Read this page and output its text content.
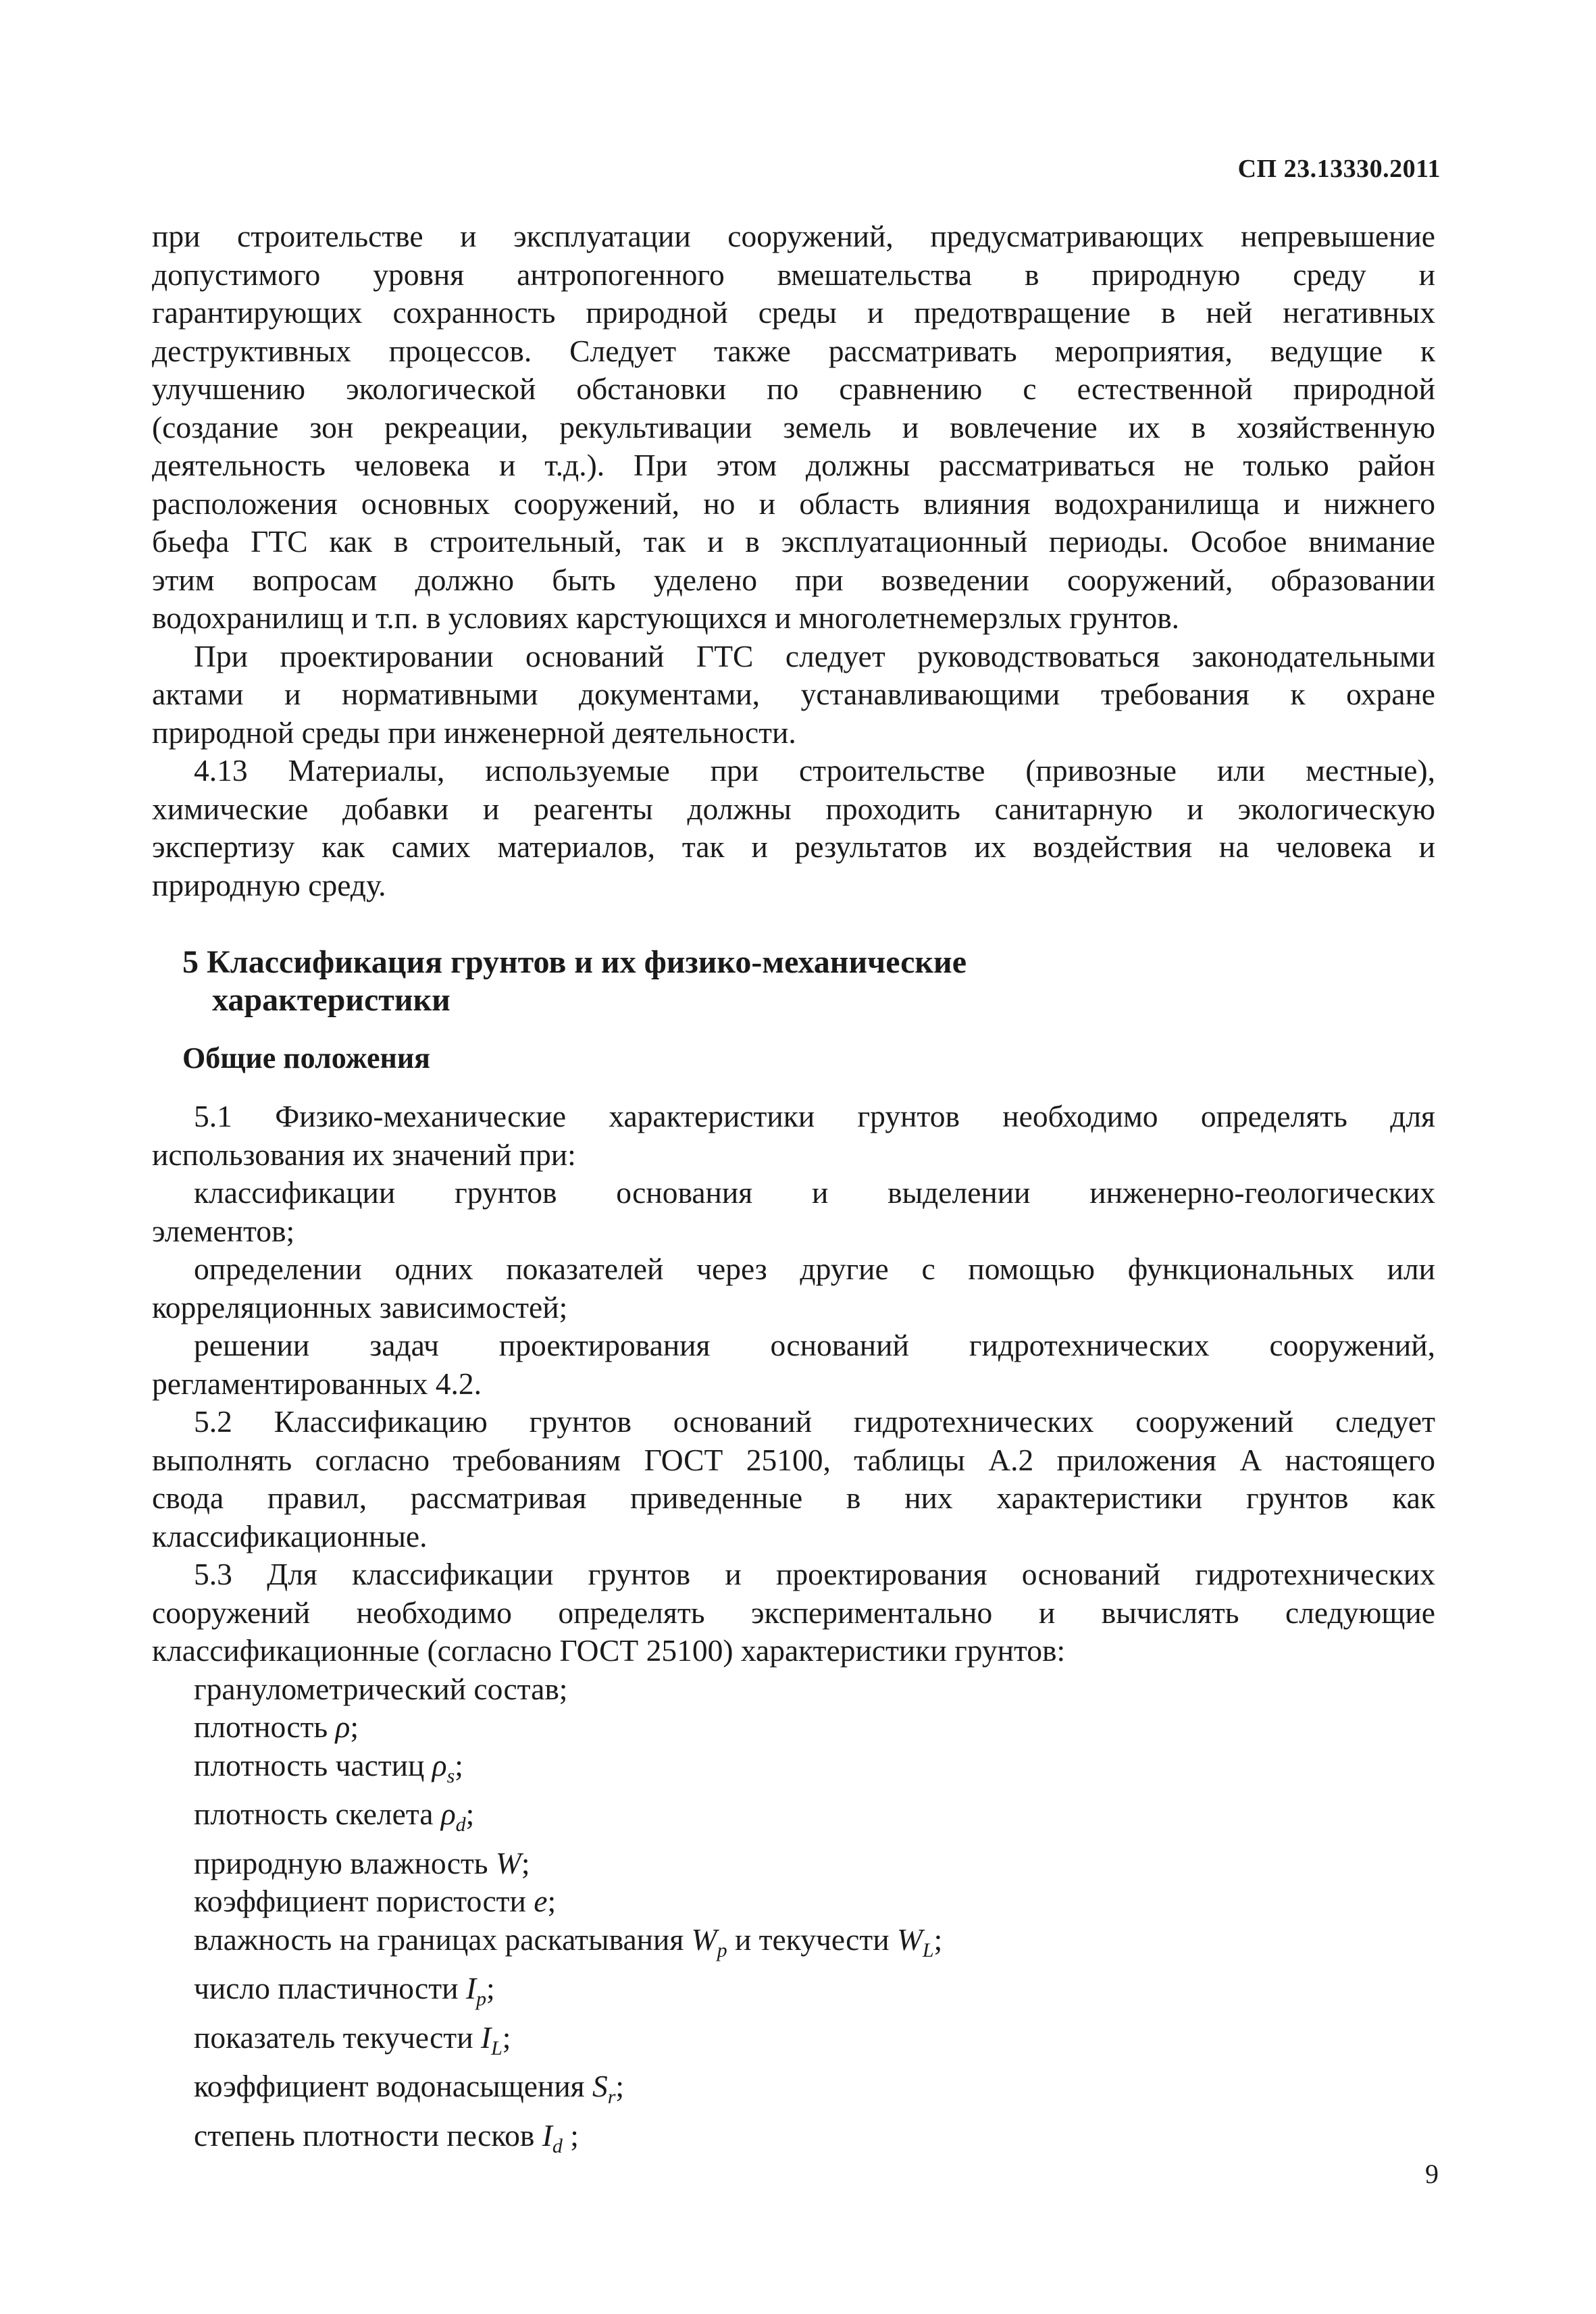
СП 23.13330.2011

при строительстве и эксплуатации сооружений, предусматривающих непревышение
допустимого уровня антропогенного вмешательства в природную среду и
гарантирующих сохранность природной среды и предотвращение в ней негативных
деструктивных процессов. Следует также рассматривать мероприятия, ведущие к
улучшению экологической обстановки по сравнению с естественной природной
(создание зон рекреации, рекультивации земель и вовлечение их в хозяйственную
деятельность человека и т.д.). При этом должны рассматриваться не только район
расположения основных сооружений, но и область влияния водохранилища и нижнего
бьефа ГТС как в строительный, так и в эксплуатационный периоды. Особое внимание
этим вопросам должно быть уделено при возведении сооружений, образовании
водохранилищ и т.п. в условиях карстующихся и многолетнемерзлых грунтов.

При проектировании оснований ГТС следует руководствоваться законодательными
актами и нормативными документами, устанавливающими требования к охране
природной среды при инженерной деятельности.

4.13 Материалы, используемые при строительстве (привозные или местные),
химические добавки и реагенты должны проходить санитарную и экологическую
экспертизу как самих материалов, так и результатов их воздействия на человека и
природную среду.

5 Классификация грунтов и их физико-механические
характеристики
Общие положения

5.1 Физико-механические характеристики грунтов необходимо определять для
использования их значений при:

классификации грунтов основания и выделении инженерно-геологических
элементов;

определении одних показателей через другие с помощью функциональных или
корреляционных зависимостей;

решении задач проектирования оснований гидротехнических сооружений,
регламентированных 4.2.

5.2 Классификацию грунтов оснований гидротехнических сооружений следует
выполнять согласно требованиям ГОСТ 25100, таблицы А.2 приложения А настоящего
свода правил, рассматривая приведенные в них характеристики грунтов как
классификационные.

5.3 Для классификации грунтов и проектирования оснований гидротехнических
сооружений необходимо определять экспериментально и вычислять следующие
классификационные (согласно ГОСТ 25100) характеристики грунтов:

гранулометрический состав;
плотность ρ;
плотность частиц $\rho_s$;
плотность скелета $\rho_d$;
природную влажность W;
коэффициент пористости e;
влажность на границах раскатывания $W_p$ и текучести $W_L$;
число пластичности $I_p$;
показатель текучести $I_L$;
коэффициент водонасыщения $S_r$;
степень плотности песков $I_d$ ;
9
